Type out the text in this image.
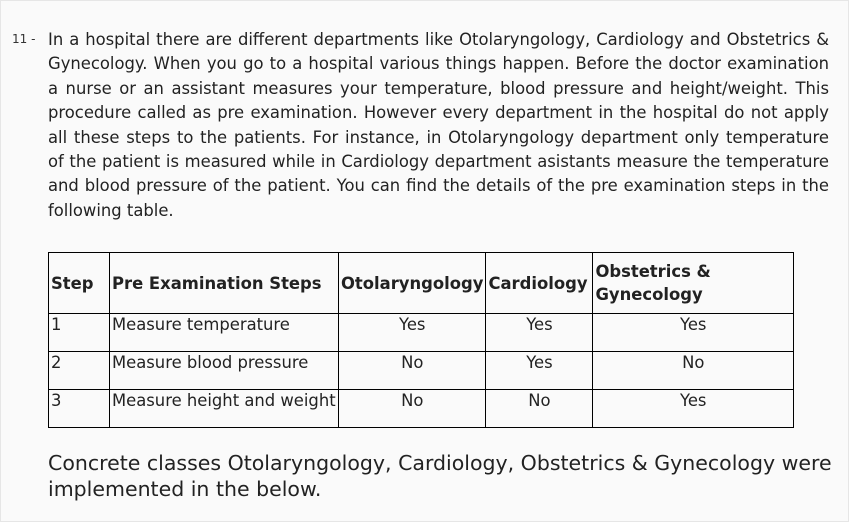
11 - In a hospital there are different departments like Otolaryngology, Cardiology and Obstetrics & Gynecology. When you go to a hospital various things happen. Before the doctor examination a nurse or an assistant measures your temperature, blood pressure and height/weight. This procedure called as pre examination. However every department in the hospital do not apply all these steps to the patients. For instance, in Otolaryngology department only temperature of the patient is measured while in Cardiology department asistants measure the temperature and blood pressure of the patient. You can find the details of the pre examination steps in the following table.

Step	Pre Examination Steps	Otolaryngology	Cardiology	Obstetrics & Gynecology
1	Measure temperature	Yes	Yes	Yes
2	Measure blood pressure	No	Yes	No
3	Measure height and weight	No	No	Yes

Concrete classes Otolaryngology, Cardiology, Obstetrics & Gynecology were implemented in the below.
